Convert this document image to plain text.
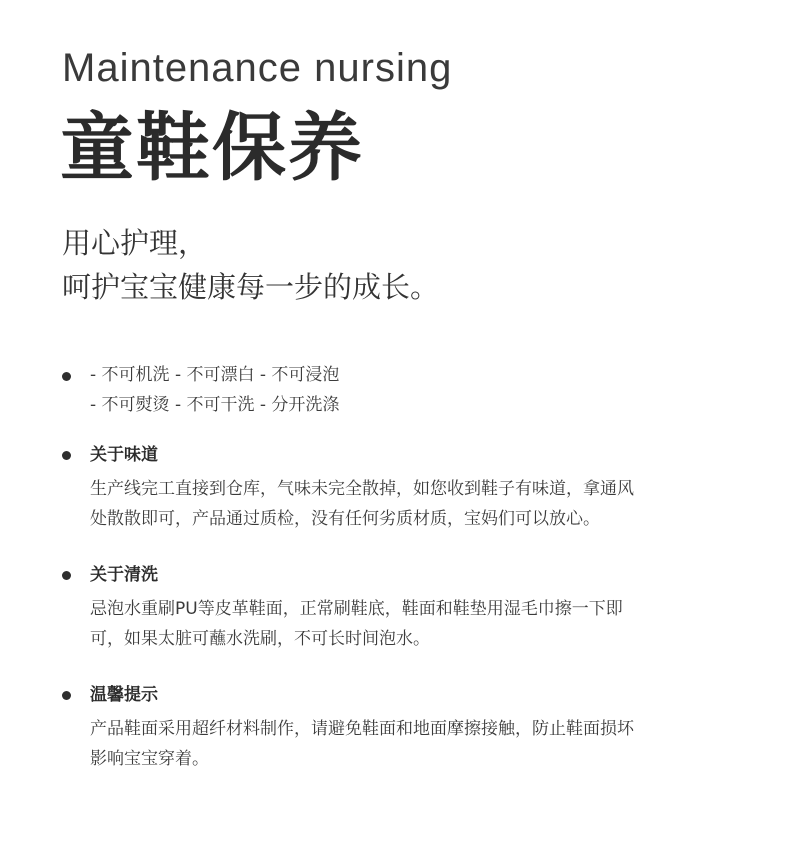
Maintenance nursing
童鞋保养
用心护理，
呵护宝宝健康每一步的成长。
- 不可机洗 - 不可漂白 - 不可浸泡
- 不可熨烫 - 不可干洗 - 分开洗涤
关于味道
生产线完工直接到仓库，气味未完全散掉，如您收到鞋子有味道，拿通风
处散散即可，产品通过质检，没有任何劣质材质，宝妈们可以放心。
关于清洗
忌泡水重刷PU等皮革鞋面，正常刷鞋底，鞋面和鞋垫用湿毛巾擦一下即
可，如果太脏可蘸水洗刷，不可长时间泡水。
温馨提示
产品鞋面采用超纤材料制作，请避免鞋面和地面摩擦接触，防止鞋面损坏
影响宝宝穿着。
